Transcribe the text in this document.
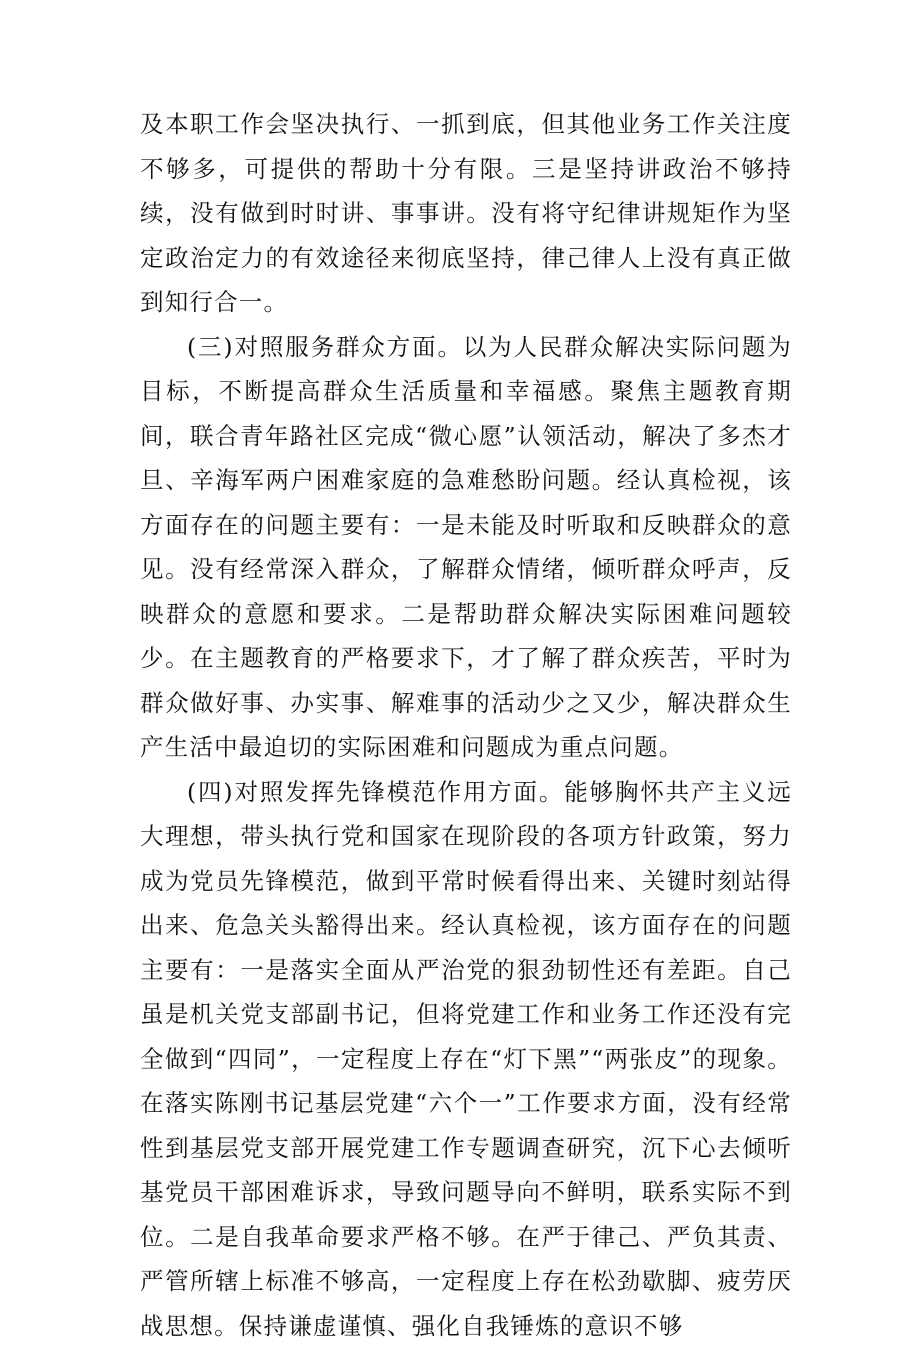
及本职工作会坚决执行、一抓到底，但其他业务工作关注度不够多，可提供的帮助十分有限。三是坚持讲政治不够持续，没有做到时时讲、事事讲。没有将守纪律讲规矩作为坚定政治定力的有效途径来彻底坚持，律己律人上没有真正做到知行合一。

(三)对照服务群众方面。以为人民群众解决实际问题为目标，不断提高群众生活质量和幸福感。聚焦主题教育期间，联合青年路社区完成“微心愿”认领活动，解决了多杰才旦、辛海军两户困难家庭的急难愁盼问题。经认真检视，该方面存在的问题主要有：一是未能及时听取和反映群众的意见。没有经常深入群众，了解群众情绪，倾听群众呼声，反映群众的意愿和要求。二是帮助群众解决实际困难问题较少。在主题教育的严格要求下，才了解了群众疾苦，平时为群众做好事、办实事、解难事的活动少之又少，解决群众生产生活中最迫切的实际困难和问题成为重点问题。

(四)对照发挥先锋模范作用方面。能够胸怀共产主义远大理想，带头执行党和国家在现阶段的各项方针政策，努力成为党员先锋模范，做到平常时候看得出来、关键时刻站得出来、危急关头豁得出来。经认真检视，该方面存在的问题主要有：一是落实全面从严治党的狠劲韧性还有差距。自己虽是机关党支部副书记，但将党建工作和业务工作还没有完全做到“四同”，一定程度上存在“灯下黑”“两张皮”的现象。在落实陈刚书记基层党建“六个一”工作要求方面，没有经常性到基层党支部开展党建工作专题调查研究，沉下心去倾听基党员干部困难诉求，导致问题导向不鲜明，联系实际不到位。二是自我革命要求严格不够。在严于律己、严负其责、严管所辖上标准不够高，一定程度上存在松劲歇脚、疲劳厌战思想。保持谦虚谨慎、强化自我锤炼的意识不够
